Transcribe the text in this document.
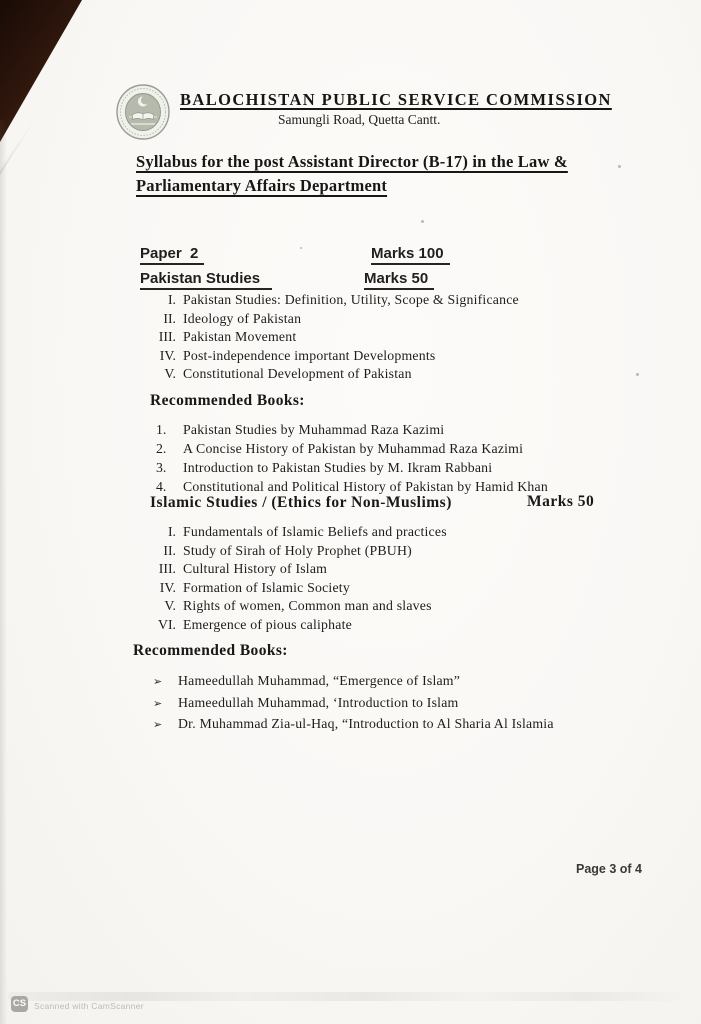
BALOCHISTAN PUBLIC SERVICE COMMISSION
Samungli Road, Quetta Cantt.
Syllabus for the post Assistant Director (B-17) in the Law &
Parliamentary Affairs Department
Paper  2	Marks 100
Pakistan Studies	Marks 50
I. Pakistan Studies: Definition, Utility, Scope & Significance
II. Ideology of Pakistan
III. Pakistan Movement
IV. Post-independence important Developments
V. Constitutional Development of Pakistan
Recommended Books:
1.	Pakistan Studies by Muhammad Raza Kazimi
2.	A Concise History of Pakistan by Muhammad Raza Kazimi
3.	Introduction to Pakistan Studies by M. Ikram Rabbani
4.	Constitutional and Political History of Pakistan by Hamid Khan
Islamic Studies / (Ethics for Non-Muslims)	Marks 50
I. Fundamentals of Islamic Beliefs and practices
II. Study of Sirah of Holy Prophet (PBUH)
III. Cultural History of Islam
IV. Formation of Islamic Society
V. Rights of women, Common man and slaves
VI. Emergence of pious caliphate
Recommended Books:
➢	Hameedullah Muhammad, “Emergence of Islam”
➢	Hameedullah Muhammad, ‘Introduction to Islam
➢	Dr. Muhammad Zia-ul-Haq, “Introduction to Al Sharia Al Islamia
Page 3 of 4
CS Scanned with CamScanner
